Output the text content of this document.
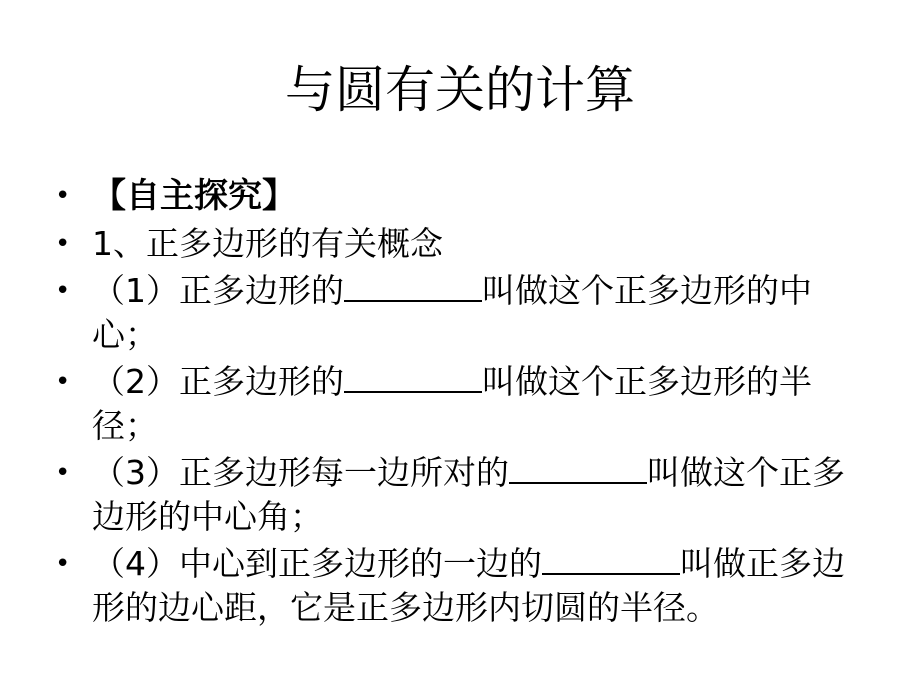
与圆有关的计算
• 【自主探究】
• 1、正多边形的有关概念
• （1）正多边形的	叫做这个正多边形的中心；
• （2）正多边形的	叫做这个正多边形的半径；
• （3）正多边形每一边所对的	叫做这个正多边形的中心角；
• （4）中心到正多边形的一边的	叫做正多边形的边心距，它是正多边形内切圆的半径。
